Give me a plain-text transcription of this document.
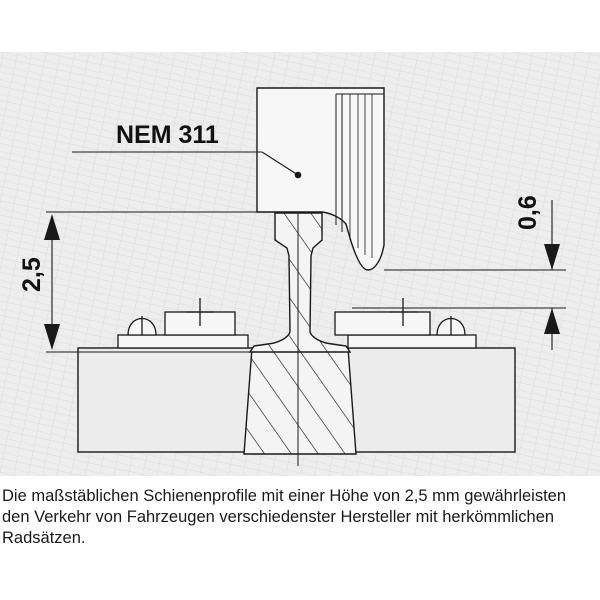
NEM 311
2,5
0,6

Die maßstäblichen Schienenprofile mit einer Höhe von 2,5 mm gewährleisten den Verkehr von Fahrzeugen verschiedenster Hersteller mit herkömmlichen Radsätzen.
